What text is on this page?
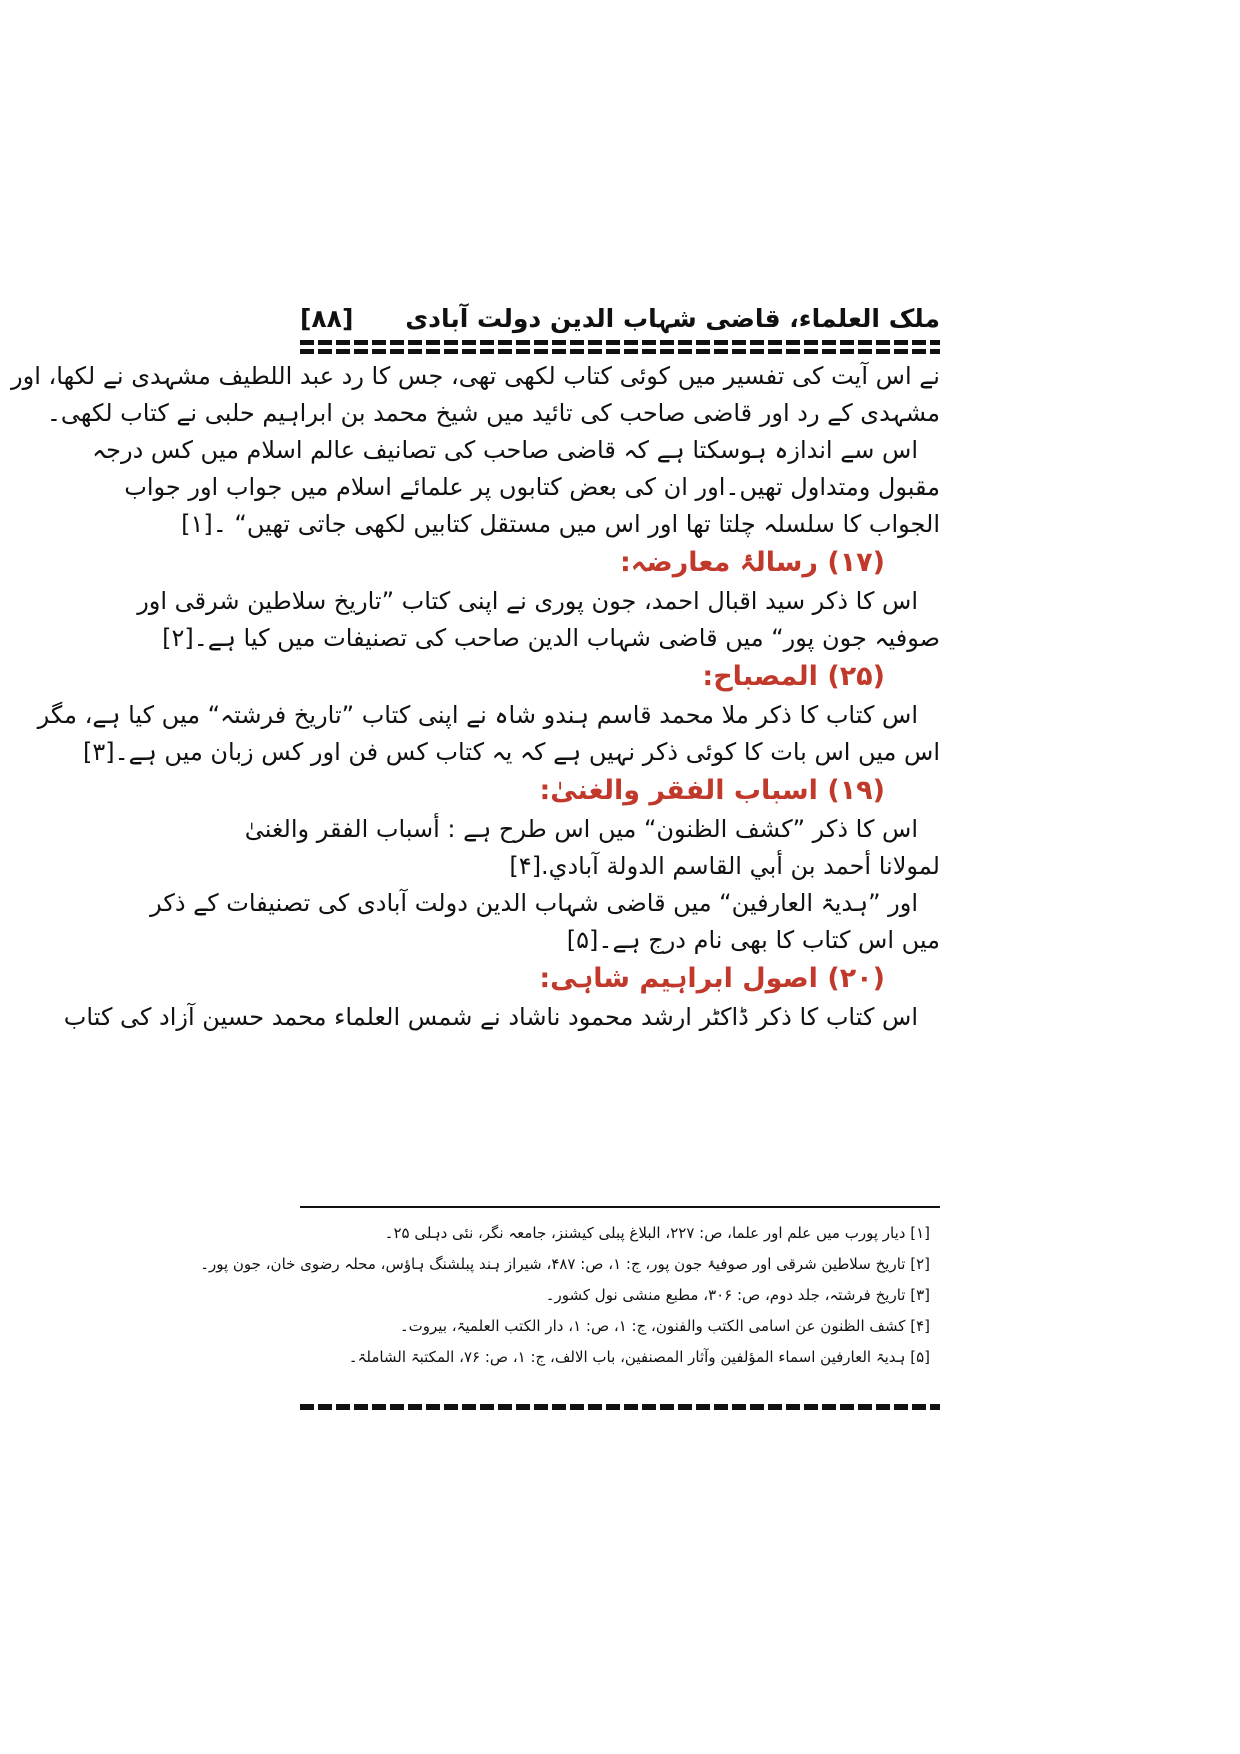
ملک العلماء، قاضی شہاب الدین دولت آبادی
[۸۸]
نے اس آیت کی تفسیر میں کوئی کتاب لکھی تھی، جس کا رد عبد اللطیف مشہدی نے لکھا، اور
مشہدی کے رد اور قاضی صاحب کی تائید میں شیخ محمد بن ابراہیم حلبی نے کتاب لکھی۔
اس سے اندازہ ہوسکتا ہے کہ قاضی صاحب کی تصانیف عالم اسلام میں کس درجہ
مقبول ومتداول تھیں۔اور ان کی بعض کتابوں پر علمائے اسلام میں جواب اور جواب
الجواب کا سلسلہ چلتا تھا اور اس میں مستقل کتابیں لکھی جاتی تھیں“ ۔[۱]
(۱۷) رسالۂ معارضہ:
اس کا ذکر سید اقبال احمد، جون پوری نے اپنی کتاب ”تاریخ سلاطین شرقی اور
صوفیہ جون پور“ میں قاضی شہاب الدین صاحب کی تصنیفات میں کیا ہے۔[۲]
(۲۵) المصباح:
اس کتاب کا ذکر ملا محمد قاسم ہندو شاہ نے اپنی کتاب ”تاریخ فرشتہ“ میں کیا ہے، مگر
اس میں اس بات کا کوئی ذکر نہیں ہے کہ یہ کتاب کس فن اور کس زبان میں ہے۔[۳]
(۱۹) اسباب الفقر والغنیٰ:
اس کا ذکر ”کشف الظنون“ میں اس طرح ہے : أسباب الفقر والغنیٰ
لمولانا أحمد بن أبي القاسم الدولة آبادي.[۴]
اور ”ہدیۃ العارفین“ میں قاضی شہاب الدین دولت آبادی کی تصنیفات کے ذکر
میں اس کتاب کا بھی نام درج ہے۔[۵]
(۲۰) اصول ابراہیم شاہی:
اس کتاب کا ذکر ڈاکٹر ارشد محمود ناشاد نے شمس العلماء محمد حسین آزاد کی کتاب
[۱] دیار پورب میں علم اور علما، ص: ۲۲۷، البلاغ پبلی کیشنز، جامعہ نگر، نئی دہلی ۲۵۔
[۲] تاریخ سلاطین شرقی اور صوفیۂ جون پور، ج: ۱، ص: ۴۸۷، شیراز ہند پبلشنگ ہاؤس، محلہ رضوی خان، جون پور۔
[۳] تاریخ فرشتہ، جلد دوم، ص: ۳۰۶، مطبع منشی نول کشور۔
[۴] کشف الظنون عن اسامی الکتب والفنون، ج: ۱، ص: ۱، دار الکتب العلمیۃ، بیروت۔
[۵] ہدیۃ العارفین اسماء المؤلفین وآثار المصنفین، باب الالف، ج: ۱، ص: ۷۶، المکتبۃ الشاملۃ۔
